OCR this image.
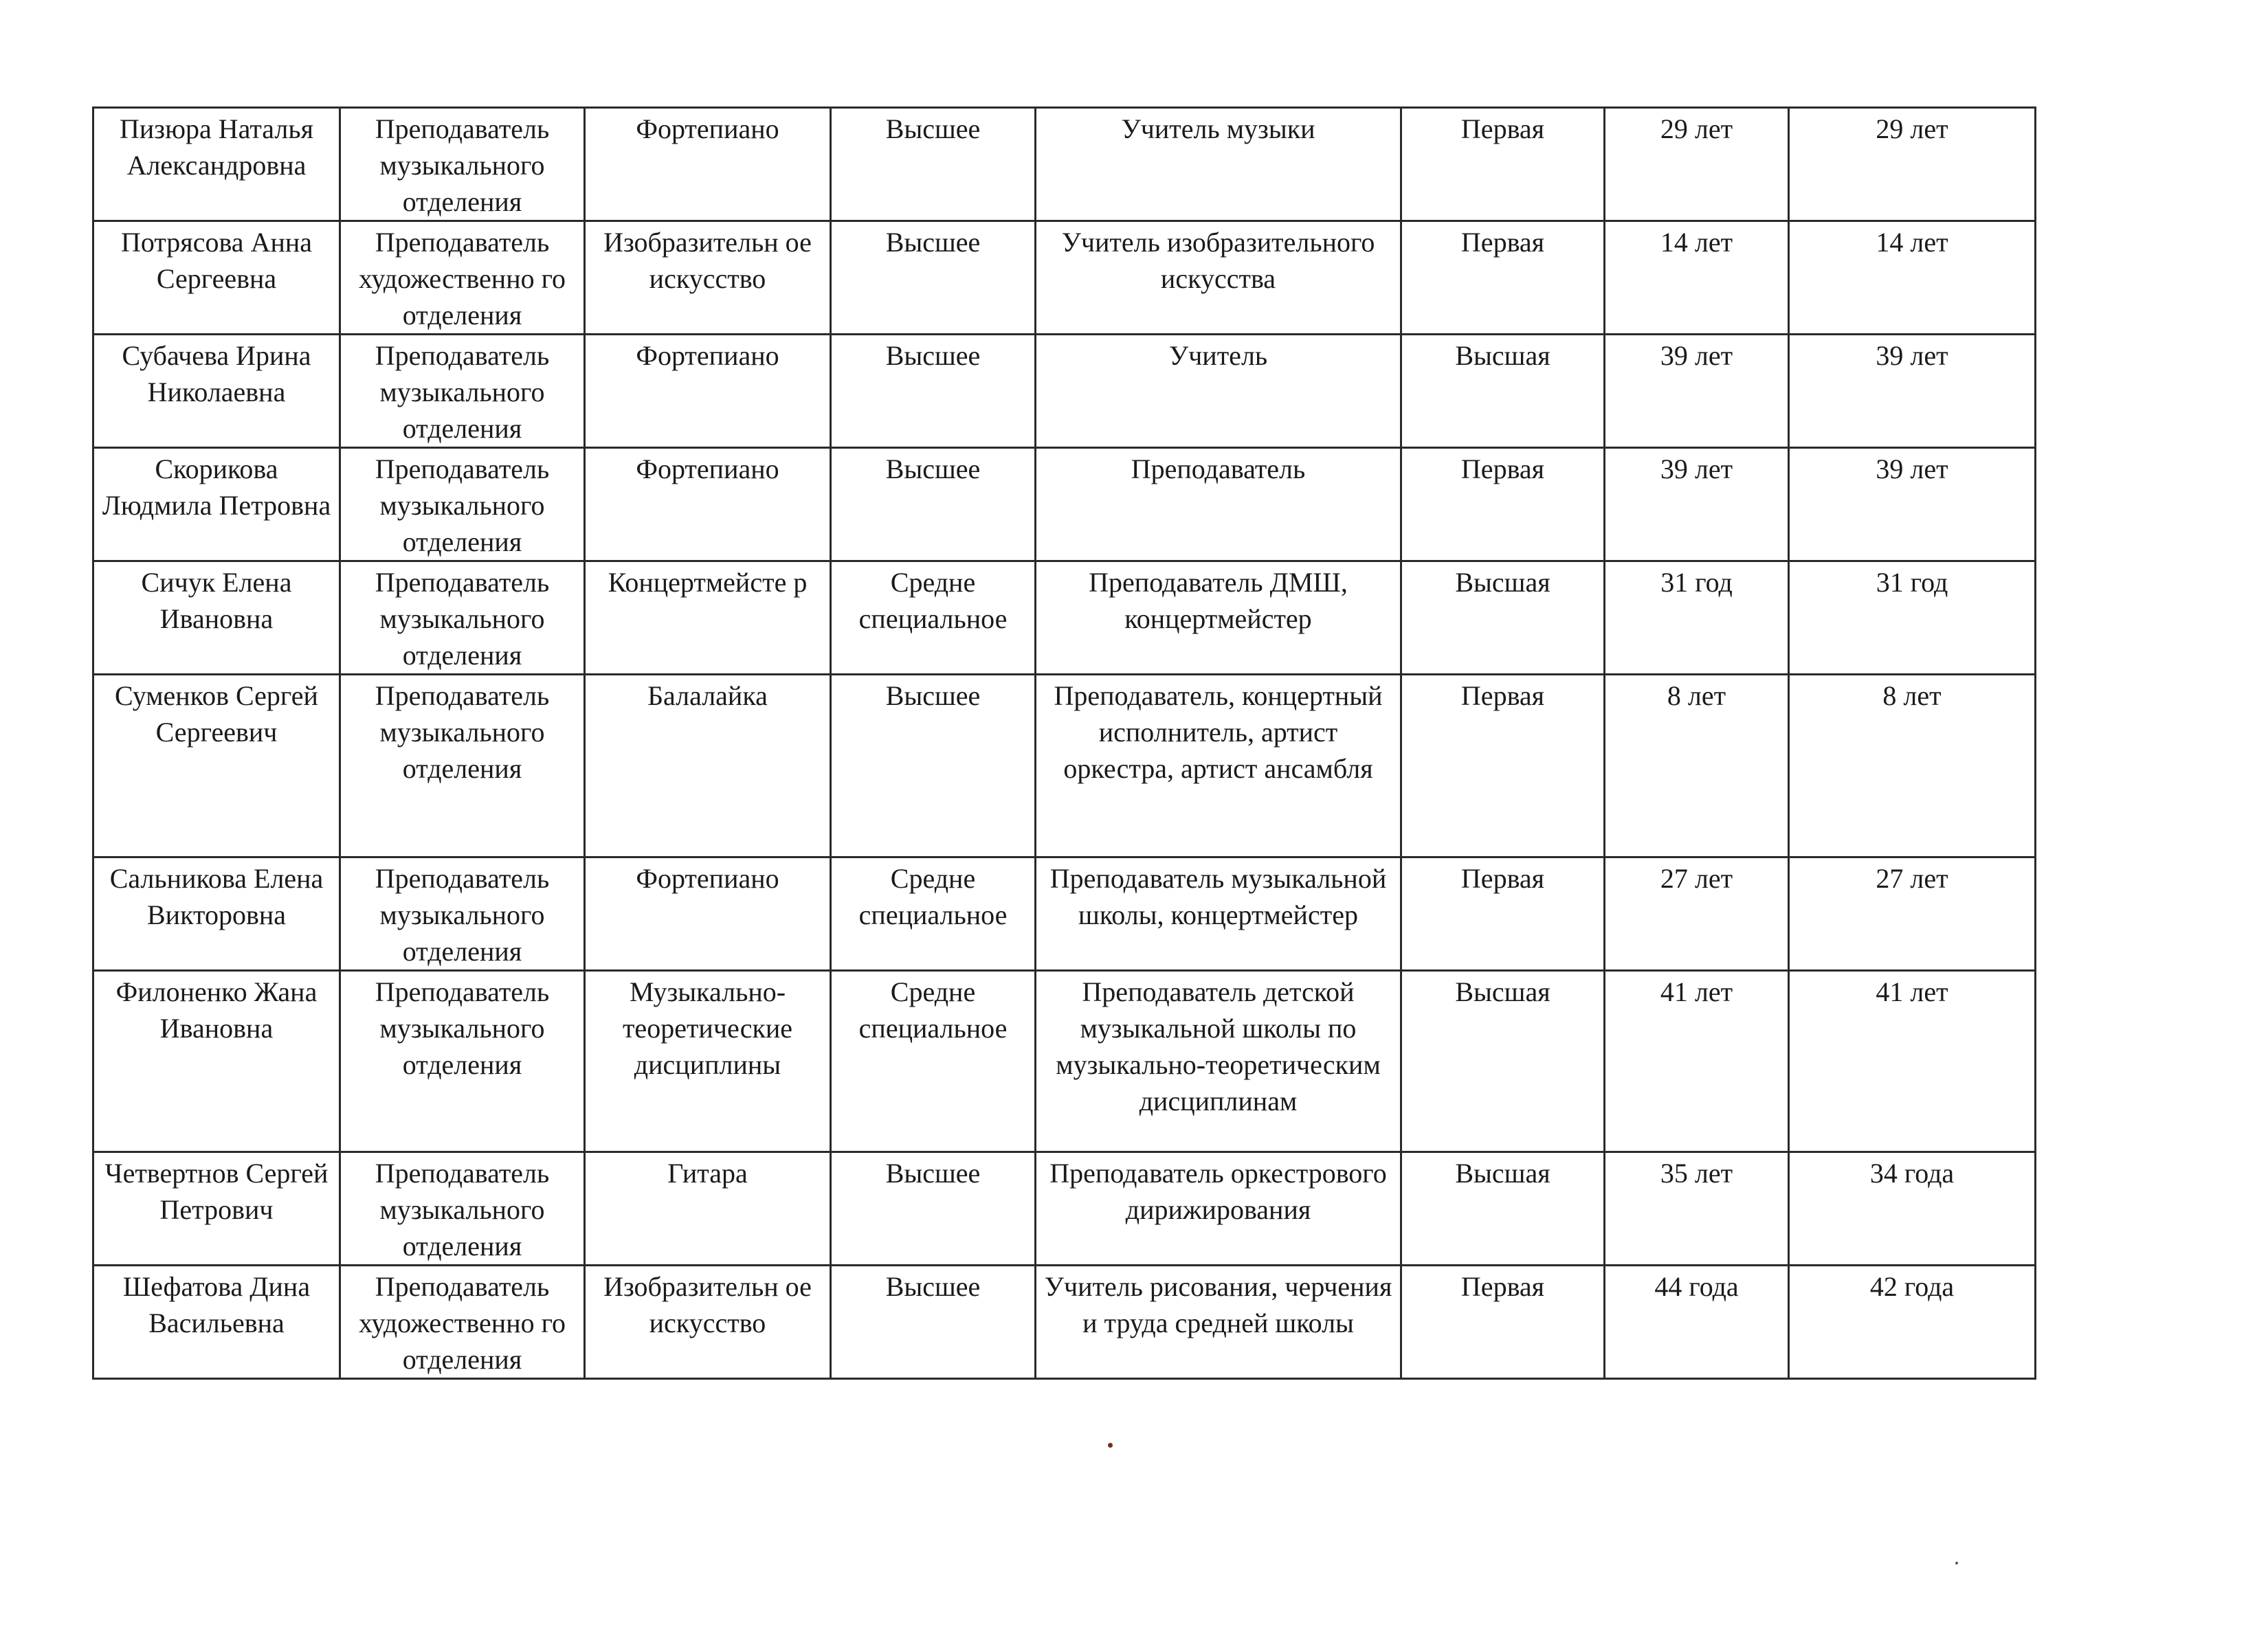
Пизюра Наталья Александровна	Преподаватель музыкального отделения	Фортепиано	Высшее	Учитель музыки	Первая	29 лет	29 лет
Потрясова Анна Сергеевна	Преподаватель художественно го отделения	Изобразительн ое искусство	Высшее	Учитель изобразительного искусства	Первая	14 лет	14 лет
Субачева Ирина Николаевна	Преподаватель музыкального отделения	Фортепиано	Высшее	Учитель	Высшая	39 лет	39 лет
Скорикова Людмила Петровна	Преподаватель музыкального отделения	Фортепиано	Высшее	Преподаватель	Первая	39 лет	39 лет
Сичук Елена Ивановна	Преподаватель музыкального отделения	Концертмейсте р	Средне специальное	Преподаватель ДМШ, концертмейстер	Высшая	31 год	31 год
Суменков Сергей Сергеевич	Преподаватель музыкального отделения	Балалайка	Высшее	Преподаватель, концертный исполнитель, артист оркестра, артист ансамбля	Первая	8 лет	8 лет
Сальникова Елена Викторовна	Преподаватель музыкального отделения	Фортепиано	Средне специальное	Преподаватель музыкальной школы, концертмейстер	Первая	27 лет	27 лет
Филоненко Жана Ивановна	Преподаватель музыкального отделения	Музыкально-теоретические дисциплины	Средне специальное	Преподаватель детской музыкальной школы по музыкально-теоретическим дисциплинам	Высшая	41 лет	41 лет
Четвертнов Сергей Петрович	Преподаватель музыкального отделения	Гитара	Высшее	Преподаватель оркестрового дирижирования	Высшая	35 лет	34 года
Шефатова Дина Васильевна	Преподаватель художественно го отделения	Изобразительн ое искусство	Высшее	Учитель рисования, черчения и труда средней школы	Первая	44 года	42 года
